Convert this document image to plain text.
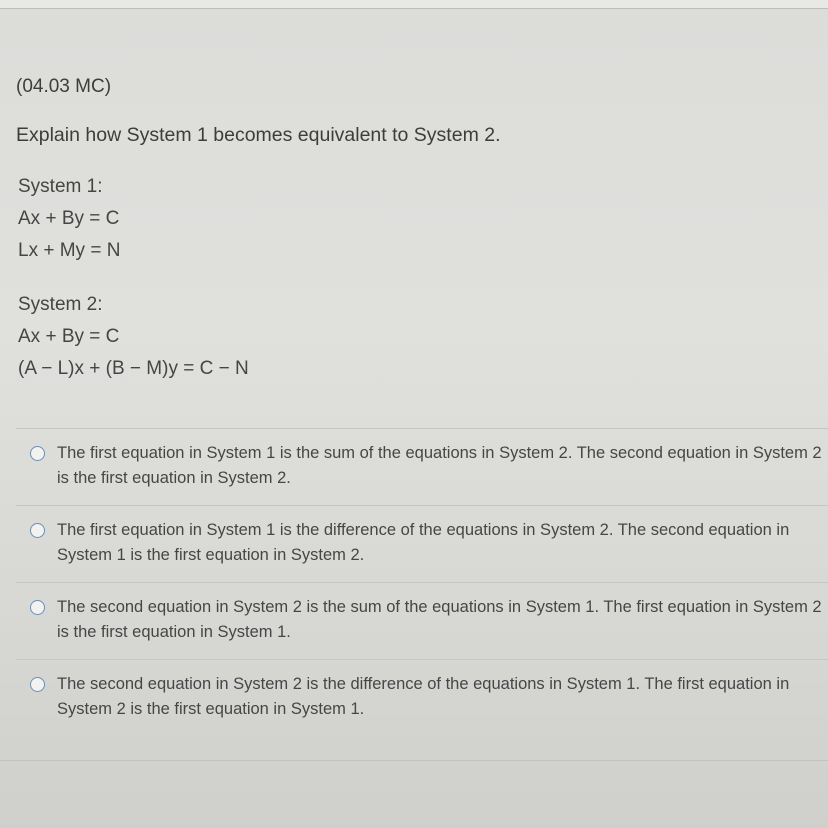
(04.03 MC)
Explain how System 1 becomes equivalent to System 2.
System 1:
Ax + By = C
Lx + My = N
System 2:
Ax + By = C
(A − L)x + (B − M)y = C − N
The first equation in System 1 is the sum of the equations in System 2. The second equation in System 2 is the first equation in System 2.
The first equation in System 1 is the difference of the equations in System 2. The second equation in System 1 is the first equation in System 2.
The second equation in System 2 is the sum of the equations in System 1. The first equation in System 2 is the first equation in System 1.
The second equation in System 2 is the difference of the equations in System 1. The first equation in System 2 is the first equation in System 1.
